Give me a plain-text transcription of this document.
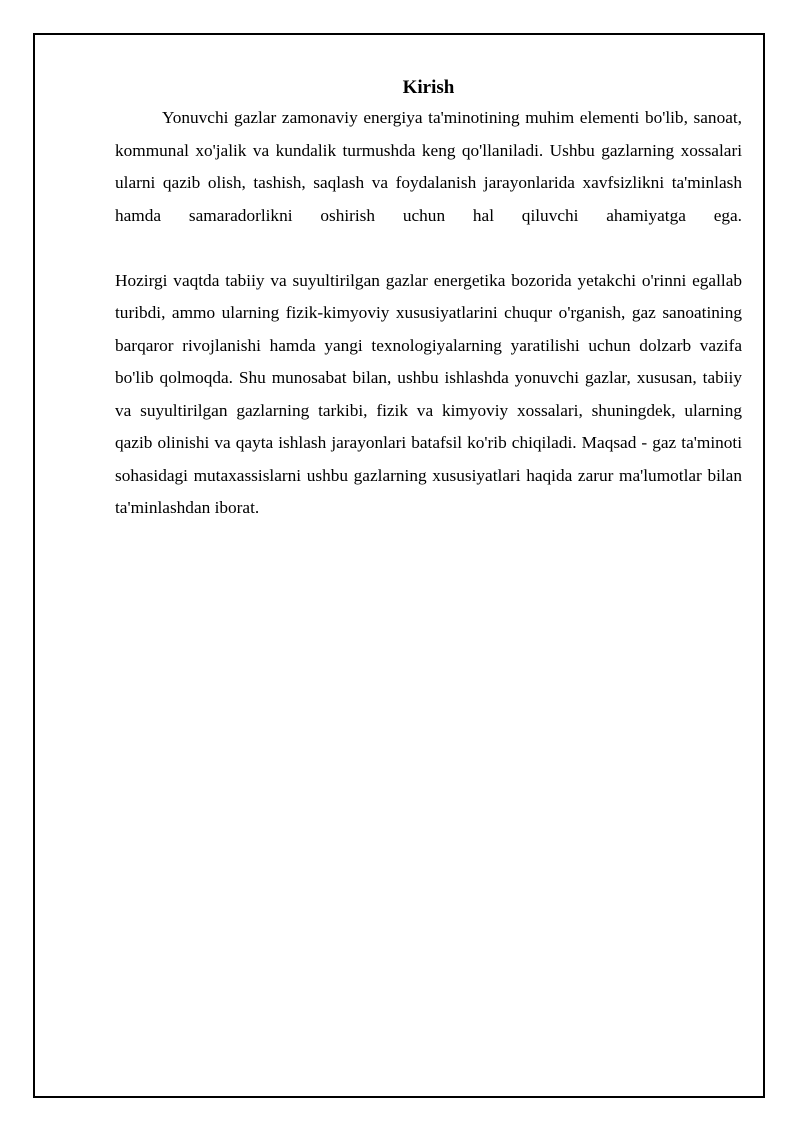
Kirish

Yonuvchi gazlar zamonaviy energiya ta'minotining muhim elementi bo'lib, sanoat, kommunal xo'jalik va kundalik turmushda keng qo'llaniladi. Ushbu gazlarning xossalari ularni qazib olish, tashish, saqlash va foydalanish jarayonlarida xavfsizlikni ta'minlash hamda samaradorlikni oshirish uchun hal qiluvchi ahamiyatga ega.

Hozirgi vaqtda tabiiy va suyultirilgan gazlar energetika bozorida yetakchi o'rinni egallab turibdi, ammo ularning fizik-kimyoviy xususiyatlarini chuqur o'rganish, gaz sanoatining barqaror rivojlanishi hamda yangi texnologiyalarning yaratilishi uchun dolzarb vazifa bo'lib qolmoqda. Shu munosabat bilan, ushbu ishlashda yonuvchi gazlar, xususan, tabiiy va suyultirilgan gazlarning tarkibi, fizik va kimyoviy xossalari, shuningdek, ularning qazib olinishi va qayta ishlash jarayonlari batafsil ko'rib chiqiladi. Maqsad - gaz ta'minoti sohasidagi mutaxassislarni ushbu gazlarning xususiyatlari haqida zarur ma'lumotlar bilan ta'minlashdan iborat.
